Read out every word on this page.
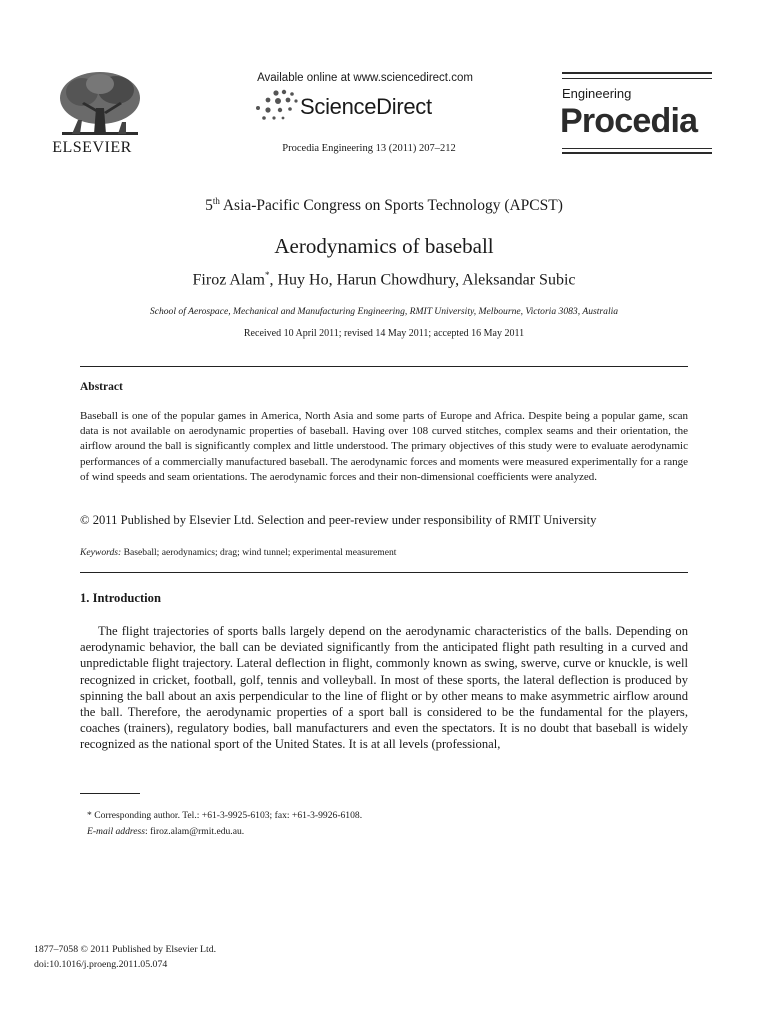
ELSEVIER
Available online at www.sciencedirect.com
ScienceDirect
Procedia Engineering 13 (2011) 207–212
Engineering
Procedia
5th Asia-Pacific Congress on Sports Technology (APCST)
Aerodynamics of baseball
Firoz Alam*, Huy Ho, Harun Chowdhury, Aleksandar Subic
School of Aerospace, Mechanical and Manufacturing Engineering, RMIT University, Melbourne, Victoria 3083, Australia
Received 10 April 2011; revised 14 May 2011; accepted 16 May 2011
Abstract

Baseball is one of the popular games in America, North Asia and some parts of Europe and Africa. Despite being a popular game, scan data is not available on aerodynamic properties of baseball. Having over 108 curved stitches, complex seams and their orientation, the airflow around the ball is significantly complex and little understood. The primary objectives of this study were to evaluate aerodynamic performances of a commercially manufactured baseball. The aerodynamic forces and moments were measured experimentally for a range of wind speeds and seam orientations. The aerodynamic forces and their non-dimensional coefficients were analyzed.

© 2011 Published by Elsevier Ltd. Selection and peer-review under responsibility of RMIT University
Keywords: Baseball; aerodynamics; drag; wind tunnel; experimental measurement
1. Introduction

The flight trajectories of sports balls largely depend on the aerodynamic characteristics of the balls. Depending on aerodynamic behavior, the ball can be deviated significantly from the anticipated flight path resulting in a curved and unpredictable flight trajectory. Lateral deflection in flight, commonly known as swing, swerve, curve or knuckle, is well recognized in cricket, football, golf, tennis and volleyball. In most of these sports, the lateral deflection is produced by spinning the ball about an axis perpendicular to the line of flight or by other means to make asymmetric airflow around the ball. Therefore, the aerodynamic properties of a sport ball is considered to be the fundamental for the players, coaches (trainers), regulatory bodies, ball manufacturers and even the spectators. It is no doubt that baseball is widely recognized as the national sport of the United States. It is at all levels (professional,

* Corresponding author. Tel.: +61-3-9925-6103; fax: +61-3-9926-6108.
E-mail address: firoz.alam@rmit.edu.au.
1877–7058 © 2011 Published by Elsevier Ltd.
doi:10.1016/j.proeng.2011.05.074
